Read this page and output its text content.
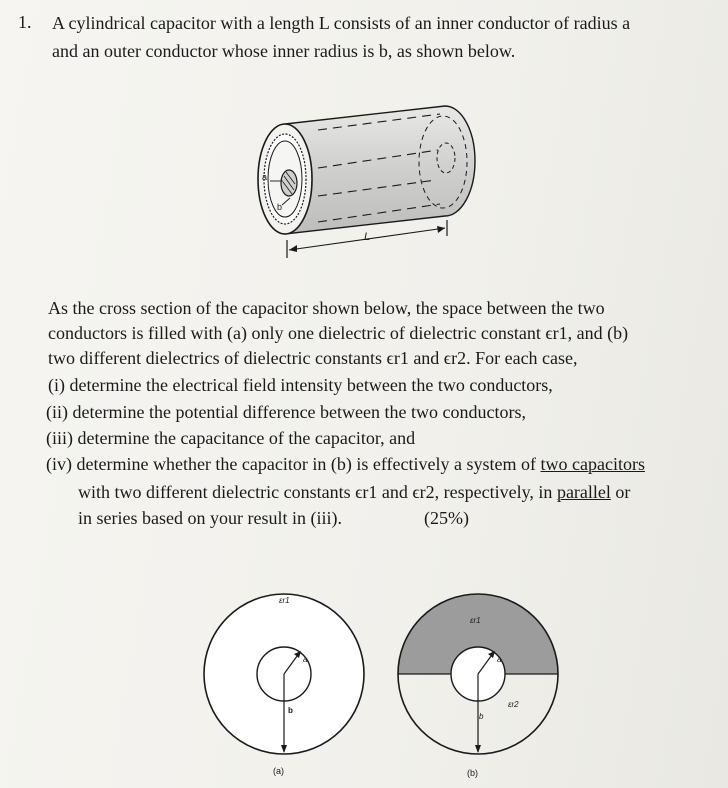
1. A cylindrical capacitor with a length L consists of an inner conductor of radius a
and an outer conductor whose inner radius is b, as shown below.
a
b
L
As the cross section of the capacitor shown below, the space between the two
conductors is filled with (a) only one dielectric of dielectric constant ϵr1, and (b)
two different dielectrics of dielectric constants ϵr1 and ϵr2. For each case,
(i) determine the electrical field intensity between the two conductors,
(ii) determine the potential difference between the two conductors,
(iii) determine the capacitance of the capacitor, and
(iv) determine whether the capacitor in (b) is effectively a system of two capacitors
with two different dielectric constants ϵr1 and ϵr2, respectively, in parallel or
in series based on your result in (iii).	(25%)
εr1
a
b
(a)
εr1
εr2
a
b
(b)
